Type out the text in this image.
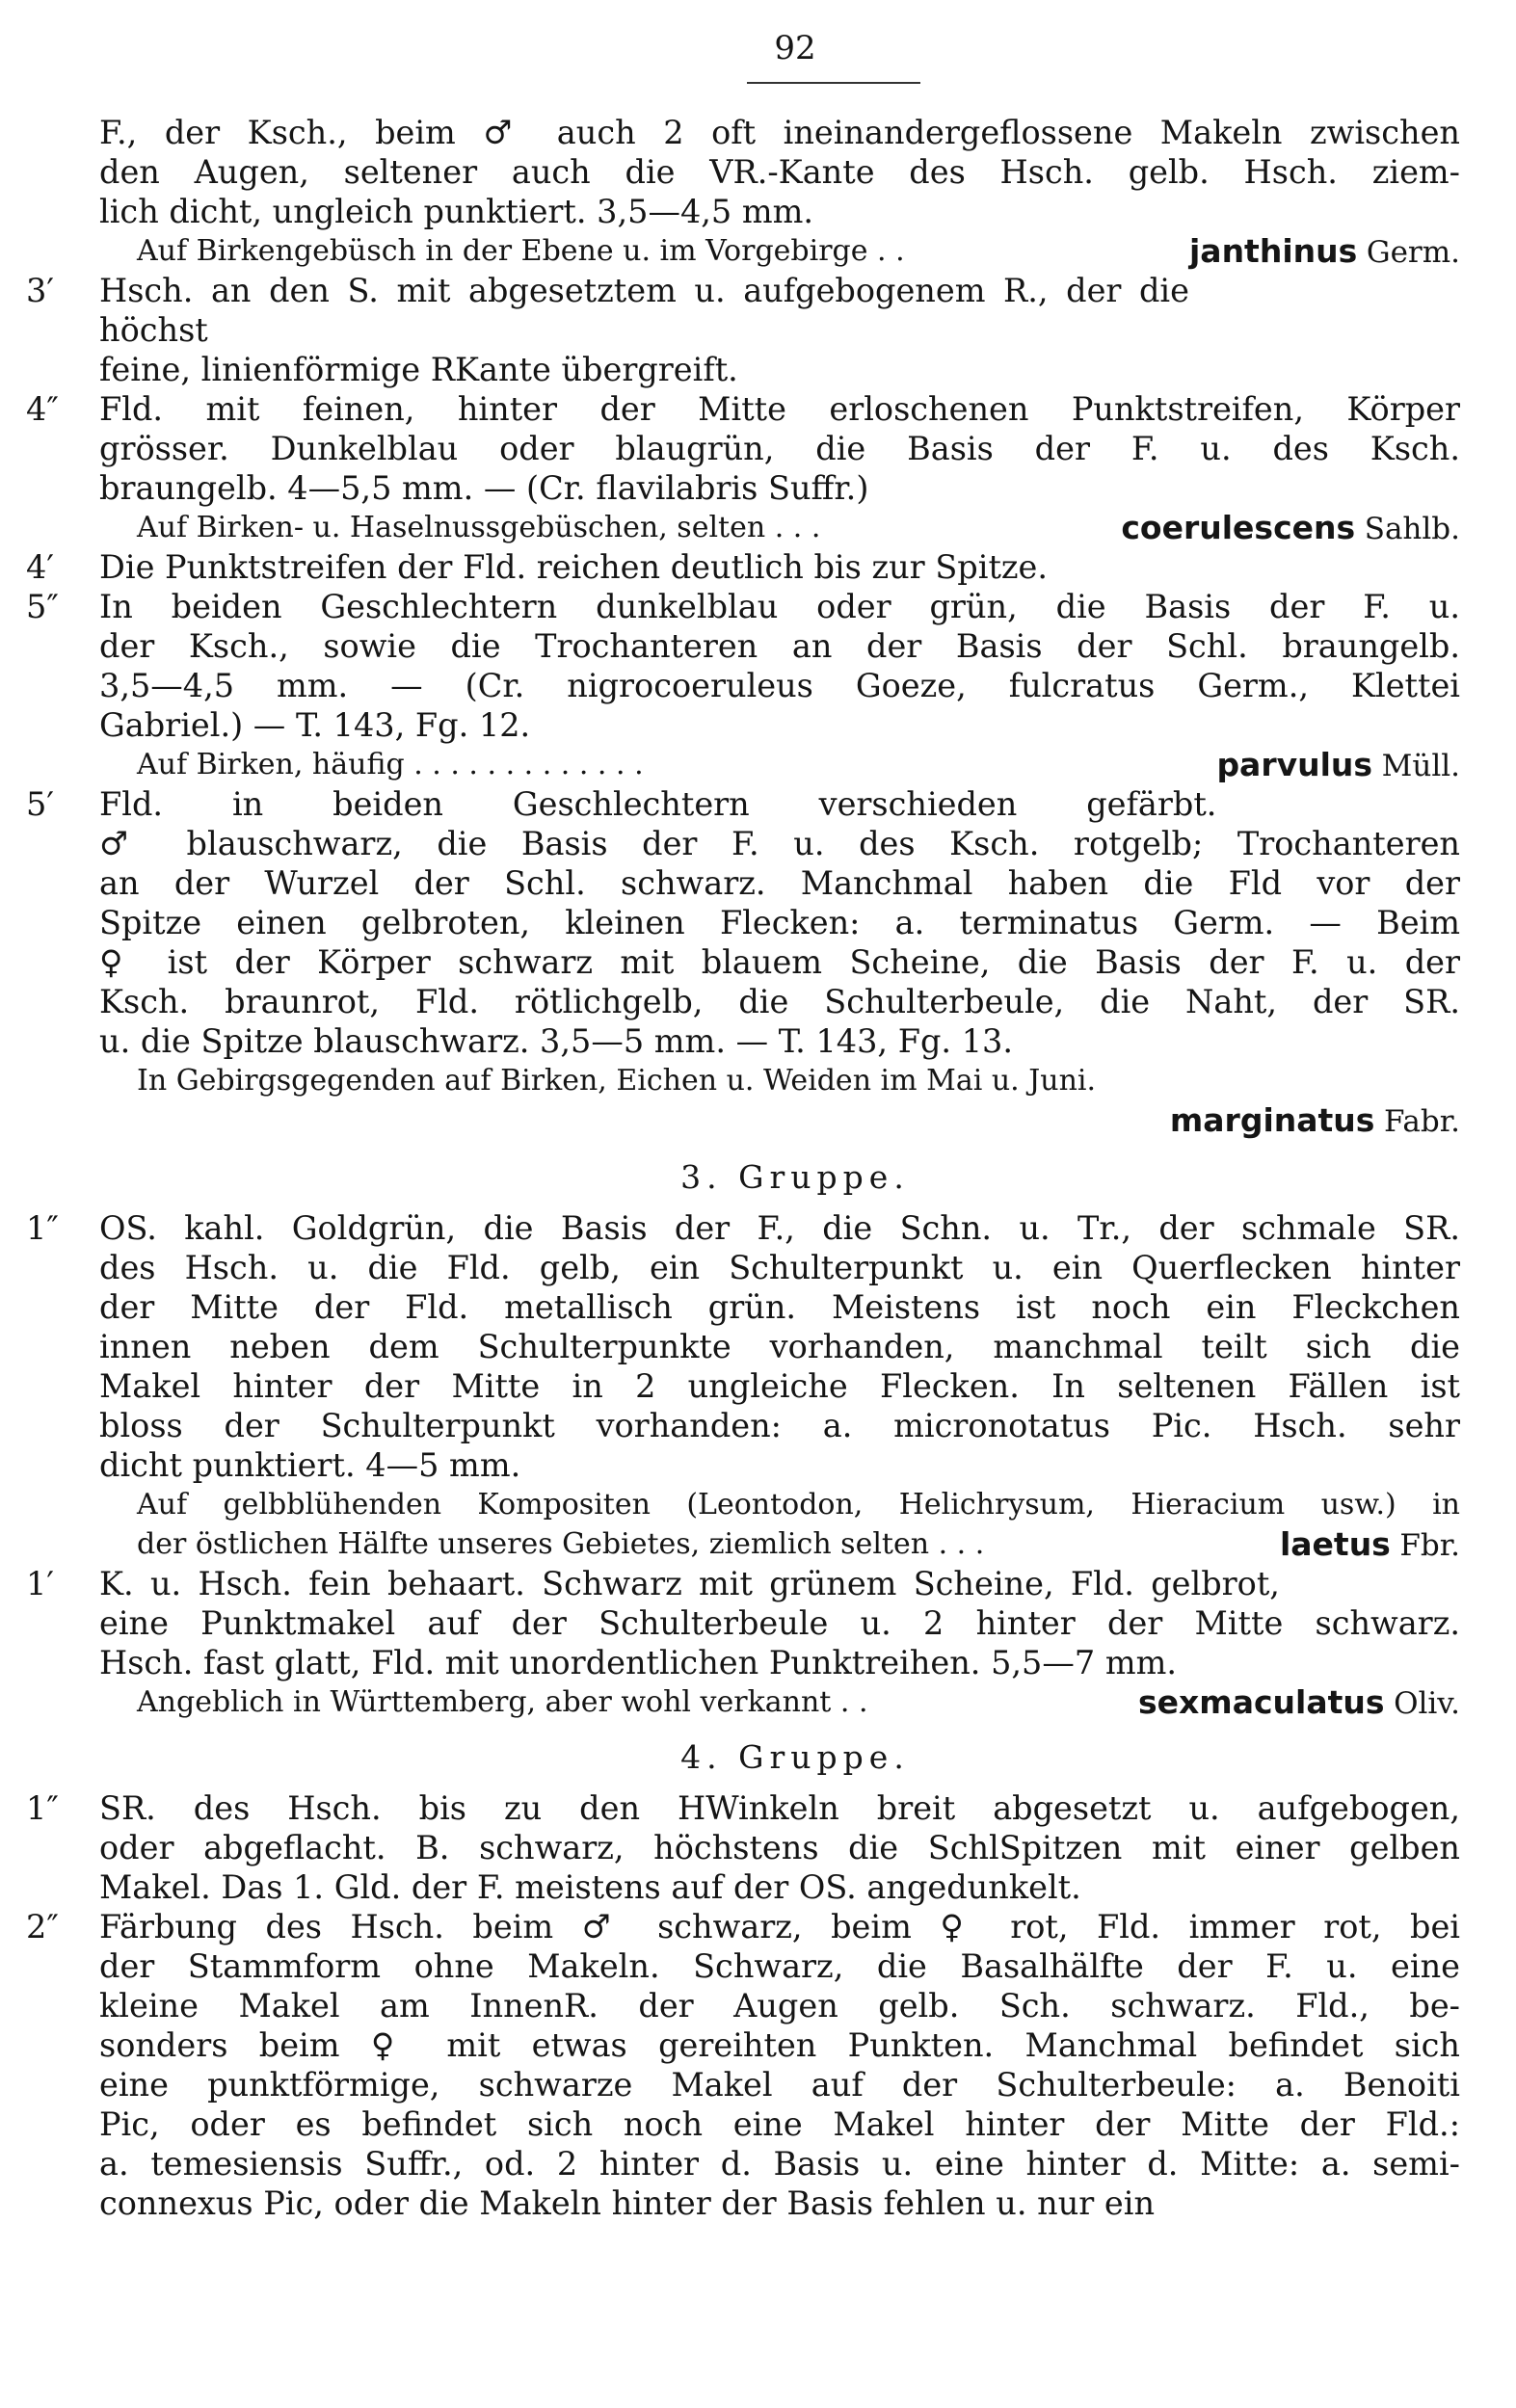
92
F., der Ksch., beim ♂ auch 2 oft ineinandergeflossene Makeln zwischen
den Augen, seltener auch die VR.-Kante des Hsch. gelb. Hsch. ziem-
lich dicht, ungleich punktiert. 3,5—4,5 mm.
Auf Birkengebüsch in der Ebene u. im Vorgebirge . .	janthinus Germ.
3′	Hsch. an den S. mit abgesetztem u. aufgebogenem R., der die höchst
feine, linienförmige RKante übergreift.
4″	Fld. mit feinen, hinter der Mitte erloschenen Punktstreifen, Körper
grösser. Dunkelblau oder blaugrün, die Basis der F. u. des Ksch.
braungelb. 4—5,5 mm. — (Cr. flavilabris Suffr.)
Auf Birken- u. Haselnussgebüschen, selten . . .	coerulescens Sahlb.
4′	Die Punktstreifen der Fld. reichen deutlich bis zur Spitze.
5″	In beiden Geschlechtern dunkelblau oder grün, die Basis der F. u.
der Ksch., sowie die Trochanteren an der Basis der Schl. braungelb.
3,5—4,5 mm. — (Cr. nigrocoeruleus Goeze, fulcratus Germ., Klettei
Gabriel.) — T. 143, Fg. 12.
Auf Birken, häufig . . . . . . . . . . . . .	parvulus Müll.
5′	Fld. in beiden Geschlechtern verschieden gefärbt.
♂ blauschwarz, die Basis der F. u. des Ksch. rotgelb; Trochanteren
an der Wurzel der Schl. schwarz. Manchmal haben die Fld vor der
Spitze einen gelbroten, kleinen Flecken: a. terminatus Germ. — Beim
♀ ist der Körper schwarz mit blauem Scheine, die Basis der F. u. der
Ksch. braunrot, Fld. rötlichgelb, die Schulterbeule, die Naht, der SR.
u. die Spitze blauschwarz. 3,5—5 mm. — T. 143, Fg. 13.
In Gebirgsgegenden auf Birken, Eichen u. Weiden im Mai u. Juni.
marginatus Fabr.
3. Gruppe.
1″	OS. kahl. Goldgrün, die Basis der F., die Schn. u. Tr., der schmale SR.
des Hsch. u. die Fld. gelb, ein Schulterpunkt u. ein Querflecken hinter
der Mitte der Fld. metallisch grün. Meistens ist noch ein Fleckchen
innen neben dem Schulterpunkte vorhanden, manchmal teilt sich die
Makel hinter der Mitte in 2 ungleiche Flecken. In seltenen Fällen ist
bloss der Schulterpunkt vorhanden: a. micronotatus Pic. Hsch. sehr
dicht punktiert. 4—5 mm.
Auf gelbblühenden Kompositen (Leontodon, Helichrysum, Hieracium usw.) in
der östlichen Hälfte unseres Gebietes, ziemlich selten . . .	laetus Fbr.
1′	K. u. Hsch. fein behaart. Schwarz mit grünem Scheine, Fld. gelbrot,
eine Punktmakel auf der Schulterbeule u. 2 hinter der Mitte schwarz.
Hsch. fast glatt, Fld. mit unordentlichen Punktreihen. 5,5—7 mm.
Angeblich in Württemberg, aber wohl verkannt . .	sexmaculatus Oliv.
4. Gruppe.
1″	SR. des Hsch. bis zu den HWinkeln breit abgesetzt u. aufgebogen,
oder abgeflacht. B. schwarz, höchstens die SchlSpitzen mit einer gelben
Makel. Das 1. Gld. der F. meistens auf der OS. angedunkelt.
2″	Färbung des Hsch. beim ♂ schwarz, beim ♀ rot, Fld. immer rot, bei
der Stammform ohne Makeln. Schwarz, die Basalhälfte der F. u. eine
kleine Makel am InnenR. der Augen gelb. Sch. schwarz. Fld., be-
sonders beim ♀ mit etwas gereihten Punkten. Manchmal befindet sich
eine punktförmige, schwarze Makel auf der Schulterbeule: a. Benoiti
Pic, oder es befindet sich noch eine Makel hinter der Mitte der Fld.:
a. temesiensis Suffr., od. 2 hinter d. Basis u. eine hinter d. Mitte: a. semi-
connexus Pic, oder die Makeln hinter der Basis fehlen u. nur ein
